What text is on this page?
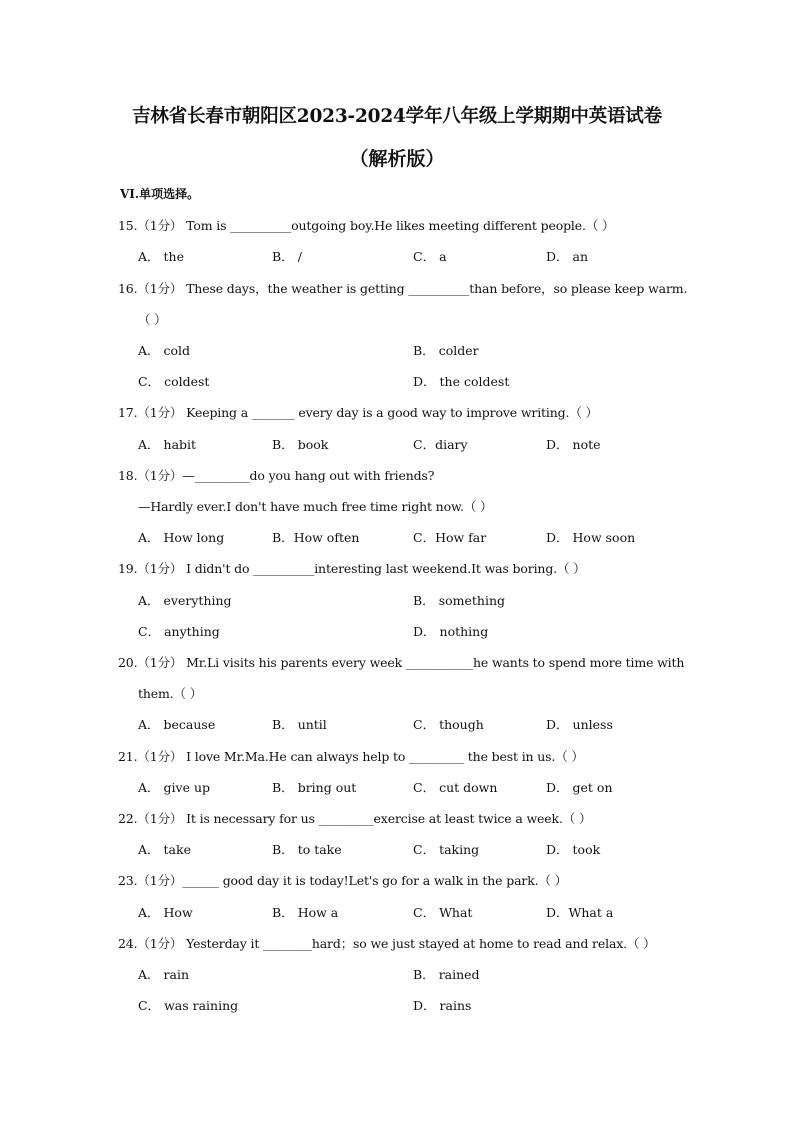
吉林省长春市朝阳区2023-2024学年八年级上学期期中英语试卷
（解析版）
VI.单项选择。
15.（1分） Tom is __________outgoing boy.He likes meeting different people.（ ）
A． the	B． /	C． a	D． an
16.（1分） These days，the weather is getting __________than before，so please keep warm.
（ ）
A． cold	B． colder
C． coldest	D． the coldest
17.（1分） Keeping a _______ every day is a good way to improve writing.（ ）
A． habit	B． book	C．diary	D． note
18.（1分）—_________do you hang out with friends?
—Hardly ever.I don't have much free time right now.（ ）
A． How long	B．How often	C．How far	D． How soon
19.（1分） I didn't do __________interesting last weekend.It was boring.（ ）
A． everything	B． something
C． anything	D． nothing
20.（1分） Mr.Li visits his parents every week ___________he wants to spend more time with
them.（ ）
A． because	B． until	C． though	D． unless
21.（1分） I love Mr.Ma.He can always help to _________ the best in us.（ ）
A． give up	B． bring out	C． cut down	D． get on
22.（1分） It is necessary for us _________exercise at least twice a week.（ ）
A． take	B． to take	C． taking	D． took
23.（1分）______ good day it is today!Let's go for a walk in the park.（ ）
A． How	B． How a	C． What	D．What a
24.（1分） Yesterday it ________hard；so we just stayed at home to read and relax.（ ）
A． rain	B． rained
C． was raining	D． rains
